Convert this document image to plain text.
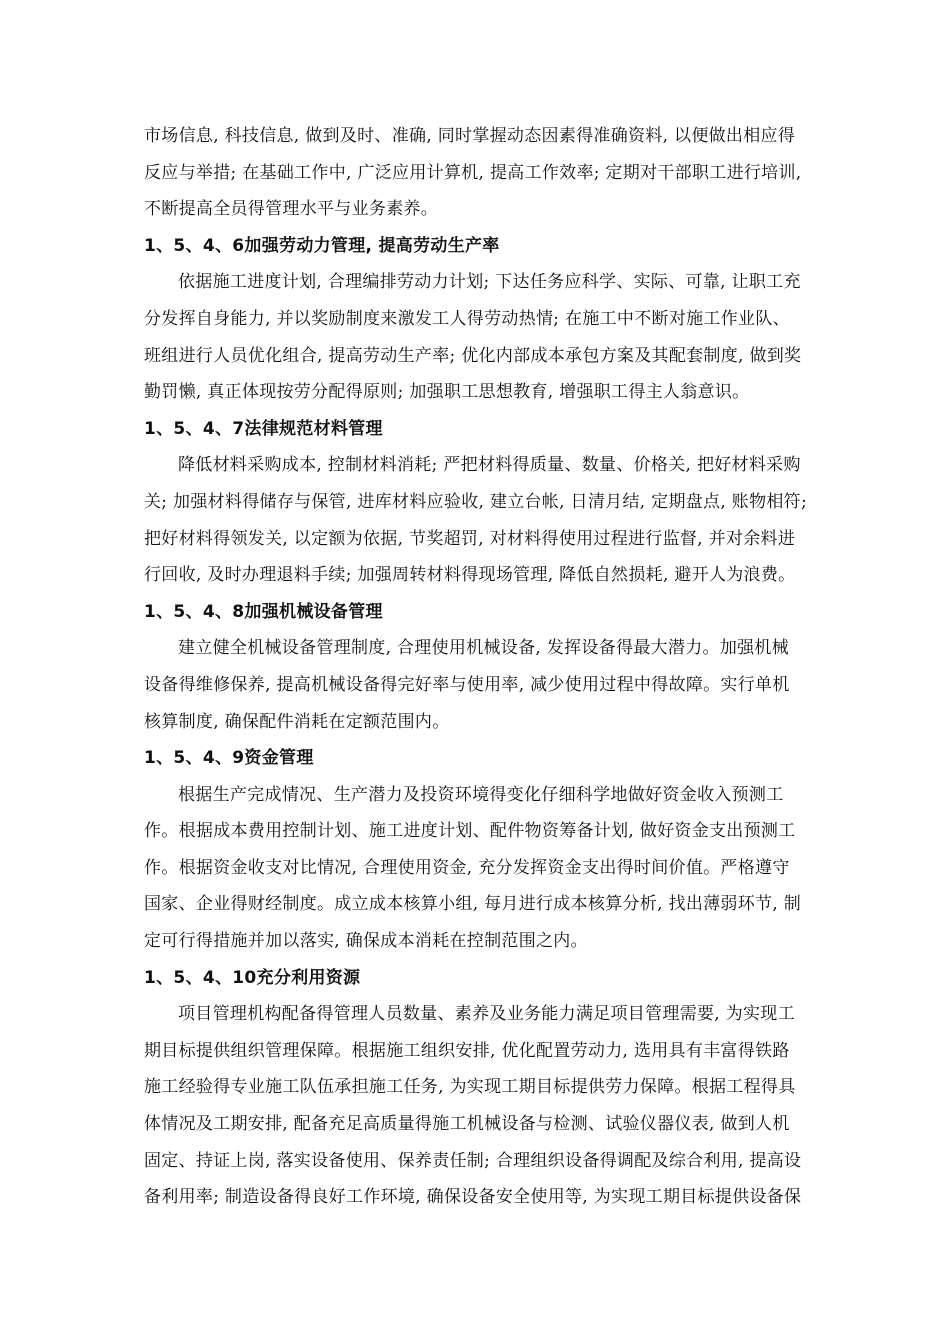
市场信息, 科技信息, 做到及时、准确, 同时掌握动态因素得准确资料, 以便做出相应得
反应与举措; 在基础工作中, 广泛应用计算机, 提高工作效率; 定期对干部职工进行培训,
不断提高全员得管理水平与业务素养。
1、5、4、6加强劳动力管理, 提高劳动生产率
依据施工进度计划, 合理编排劳动力计划; 下达任务应科学、实际、可靠, 让职工充
分发挥自身能力, 并以奖励制度来激发工人得劳动热情; 在施工中不断对施工作业队、
班组进行人员优化组合, 提高劳动生产率; 优化内部成本承包方案及其配套制度, 做到奖
勤罚懒, 真正体现按劳分配得原则; 加强职工思想教育, 增强职工得主人翁意识。
1、5、4、7法律规范材料管理
降低材料采购成本, 控制材料消耗; 严把材料得质量、数量、价格关, 把好材料采购
关; 加强材料得储存与保管, 进库材料应验收, 建立台帐, 日清月结, 定期盘点, 账物相符;
把好材料得领发关, 以定额为依据, 节奖超罚, 对材料得使用过程进行监督, 并对余料进
行回收, 及时办理退料手续; 加强周转材料得现场管理, 降低自然损耗, 避开人为浪费。
1、5、4、8加强机械设备管理
建立健全机械设备管理制度, 合理使用机械设备, 发挥设备得最大潜力。加强机械
设备得维修保养, 提高机械设备得完好率与使用率, 减少使用过程中得故障。实行单机
核算制度, 确保配件消耗在定额范围内。
1、5、4、9资金管理
根据生产完成情况、生产潜力及投资环境得变化仔细科学地做好资金收入预测工
作。根据成本费用控制计划、施工进度计划、配件物资筹备计划, 做好资金支出预测工
作。根据资金收支对比情况, 合理使用资金, 充分发挥资金支出得时间价值。严格遵守
国家、企业得财经制度。成立成本核算小组, 每月进行成本核算分析, 找出薄弱环节, 制
定可行得措施并加以落实, 确保成本消耗在控制范围之内。
1、5、4、10充分利用资源
项目管理机构配备得管理人员数量、素养及业务能力满足项目管理需要, 为实现工
期目标提供组织管理保障。根据施工组织安排, 优化配置劳动力, 选用具有丰富得铁路
施工经验得专业施工队伍承担施工任务, 为实现工期目标提供劳力保障。根据工程得具
体情况及工期安排, 配备充足高质量得施工机械设备与检测、试验仪器仪表, 做到人机
固定、持证上岗, 落实设备使用、保养责任制; 合理组织设备得调配及综合利用, 提高设
备利用率; 制造设备得良好工作环境, 确保设备安全使用等, 为实现工期目标提供设备保
